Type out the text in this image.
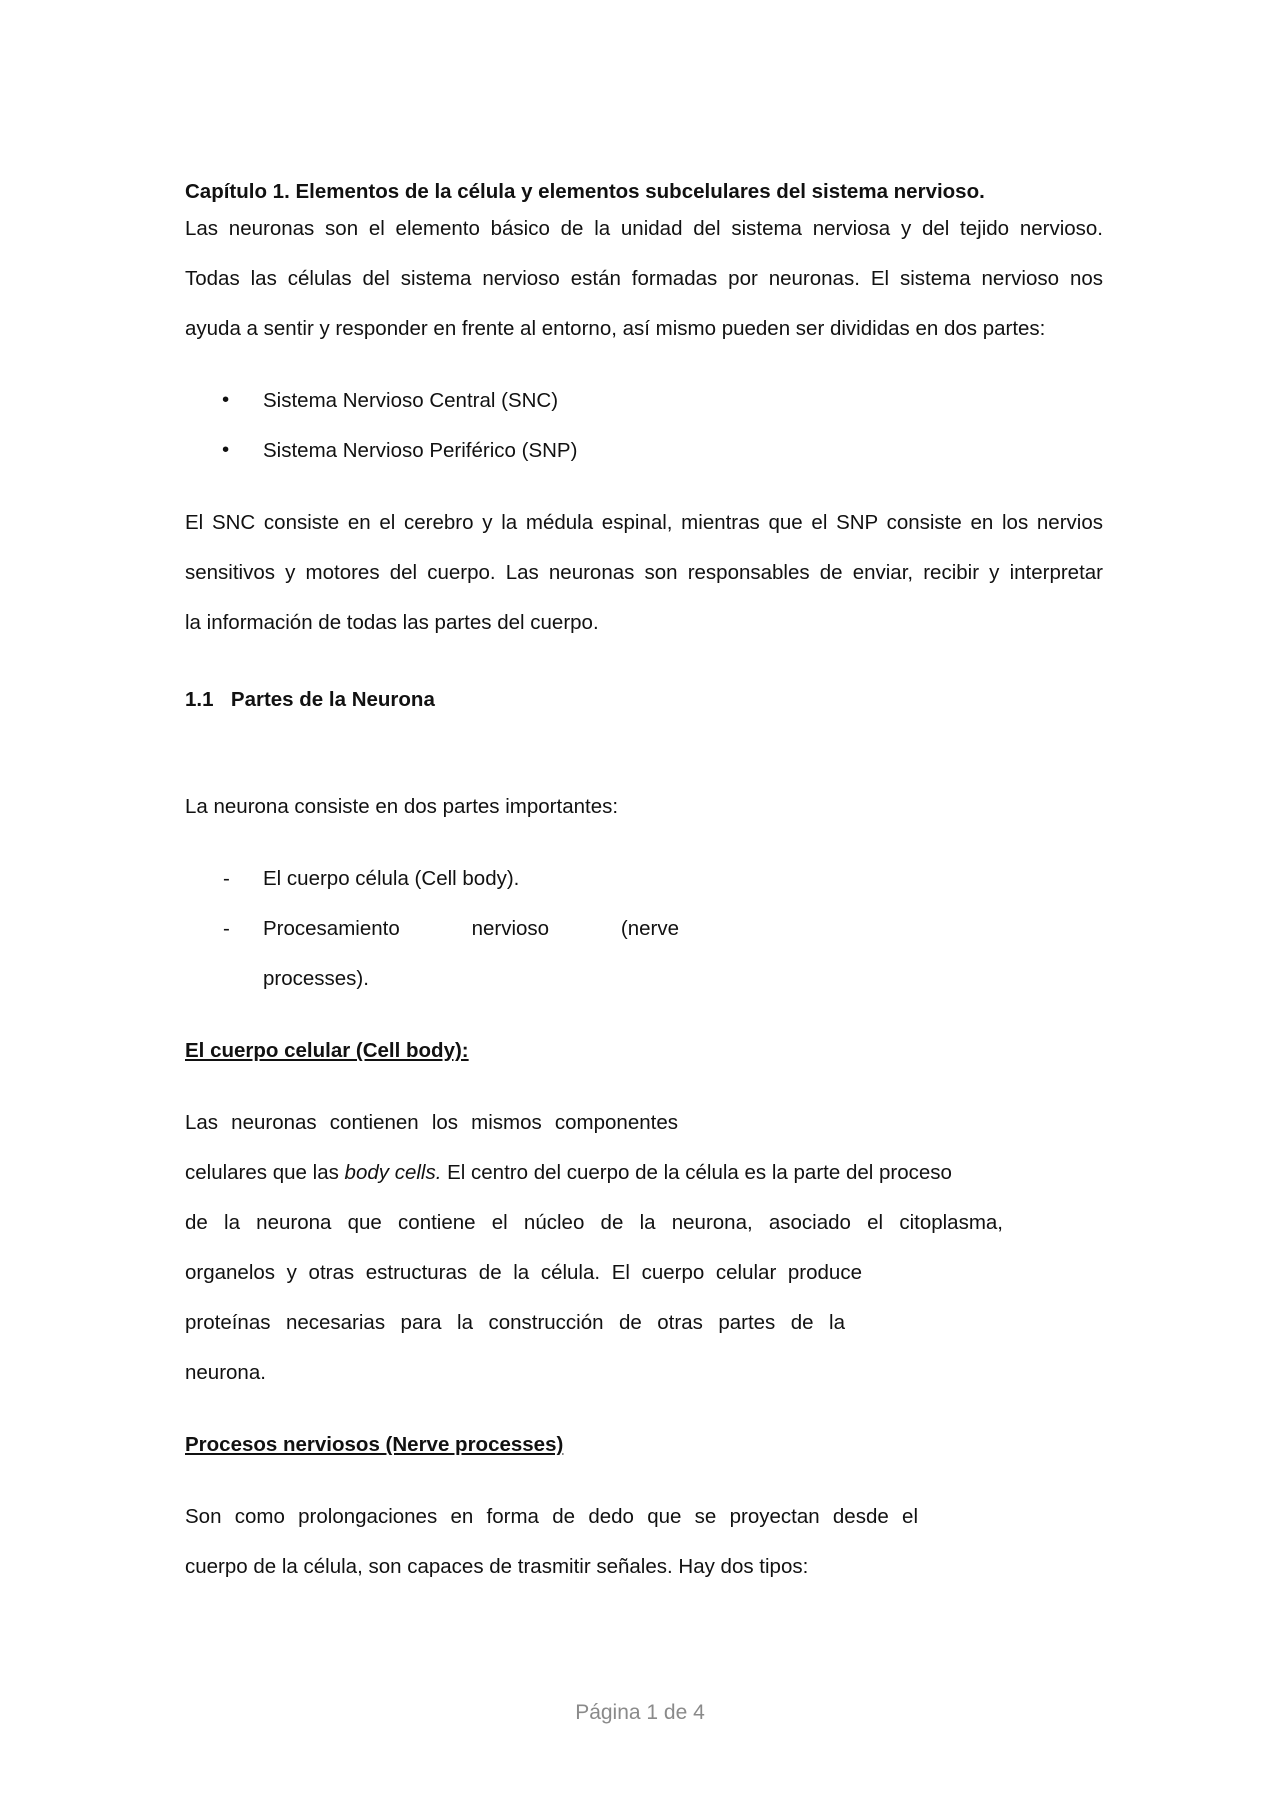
Capítulo 1. Elementos de la célula y elementos subcelulares del sistema nervioso.
Las neuronas son el elemento básico de la unidad del sistema nerviosa y del tejido nervioso.
Todas las células del sistema nervioso están formadas por neuronas. El sistema nervioso nos
ayuda a sentir y responder en frente al entorno, así mismo pueden ser divididas en dos partes:
• Sistema Nervioso Central (SNC)
• Sistema Nervioso Periférico (SNP)
El SNC consiste en el cerebro y la médula espinal, mientras que el SNP consiste en los nervios
sensitivos y motores del cuerpo. Las neuronas son responsables de enviar, recibir y interpretar
la información de todas las partes del cuerpo.
1.1 Partes de la Neurona
La neurona consiste en dos partes importantes:
- El cuerpo célula (Cell body).
- Procesamiento nervioso (nerve
processes).
El cuerpo celular (Cell body):
Las neuronas contienen los mismos componentes
celulares que las body cells. El centro del cuerpo de la célula es la parte del proceso
de la neurona que contiene el núcleo de la neurona, asociado el citoplasma,
organelos y otras estructuras de la célula. El cuerpo celular produce
proteínas necesarias para la construcción de otras partes de la
neurona.
Procesos nerviosos (Nerve processes)
Son como prolongaciones en forma de dedo que se proyectan desde el
cuerpo de la célula, son capaces de trasmitir señales. Hay dos tipos:
Página 1 de 4
